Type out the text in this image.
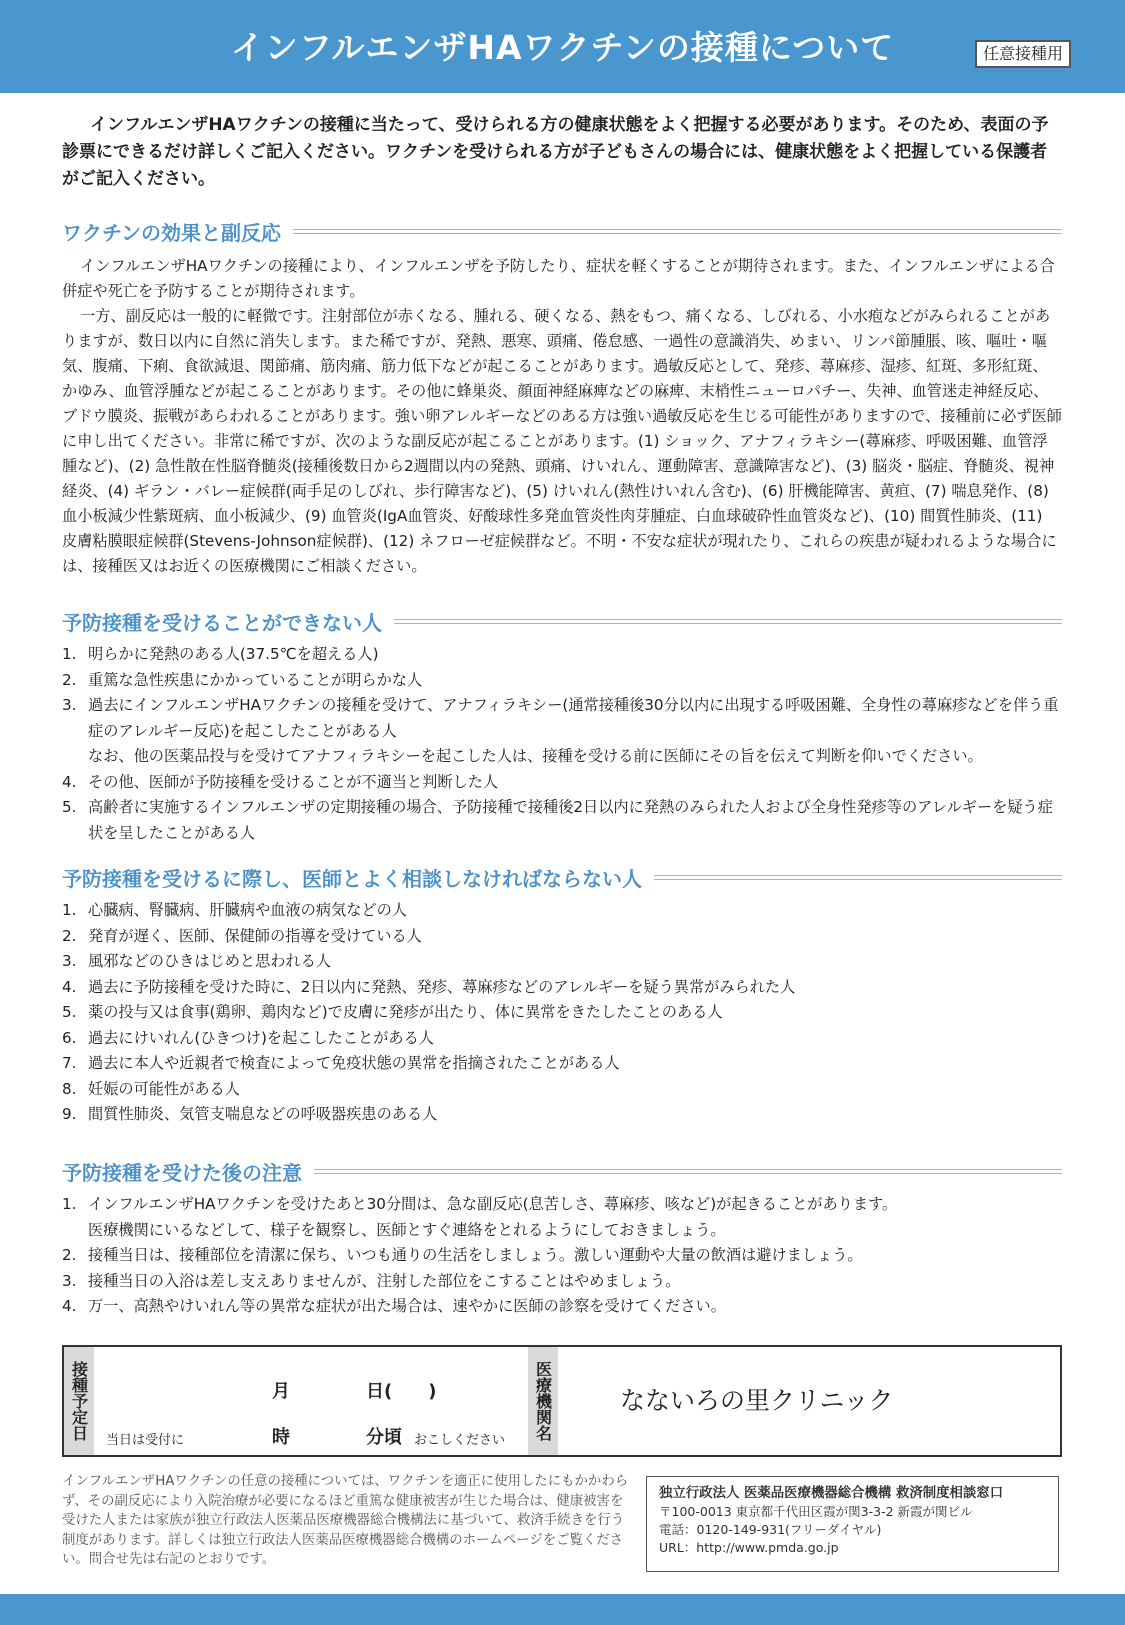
インフルエンザHAワクチンの接種について	任意接種用

インフルエンザHAワクチンの接種に当たって、受けられる方の健康状態をよく把握する必要があります。そのため、表面の予診票にできるだけ詳しくご記入ください。ワクチンを受けられる方が子どもさんの場合には、健康状態をよく把握している保護者がご記入ください。

ワクチンの効果と副反応

インフルエンザHAワクチンの接種により、インフルエンザを予防したり、症状を軽くすることが期待されます。また、インフルエンザによる合併症や死亡を予防することが期待されます。

一方、副反応は一般的に軽微です。注射部位が赤くなる、腫れる、硬くなる、熱をもつ、痛くなる、しびれる、小水疱などがみられることがありますが、数日以内に自然に消失します。また稀ですが、発熱、悪寒、頭痛、倦怠感、一過性の意識消失、めまい、リンパ節腫脹、咳、嘔吐・嘔気、腹痛、下痢、食欲減退、関節痛、筋肉痛、筋力低下などが起こることがあります。過敏反応として、発疹、蕁麻疹、湿疹、紅斑、多形紅斑、かゆみ、血管浮腫などが起こることがあります。その他に蜂巣炎、顔面神経麻痺などの麻痺、末梢性ニューロパチー、失神、血管迷走神経反応、ブドウ膜炎、振戦があらわれることがあります。強い卵アレルギーなどのある方は強い過敏反応を生じる可能性がありますので、接種前に必ず医師に申し出てください。非常に稀ですが、次のような副反応が起こることがあります。(1) ショック、アナフィラキシー(蕁麻疹、呼吸困難、血管浮腫など)、(2) 急性散在性脳脊髄炎(接種後数日から2週間以内の発熱、頭痛、けいれん、運動障害、意識障害など)、(3) 脳炎・脳症、脊髄炎、視神経炎、(4) ギラン・バレー症候群(両手足のしびれ、歩行障害など)、(5) けいれん(熱性けいれん含む)、(6) 肝機能障害、黄疸、(7) 喘息発作、(8) 血小板減少性紫斑病、血小板減少、(9) 血管炎(IgA血管炎、好酸球性多発血管炎性肉芽腫症、白血球破砕性血管炎など)、(10) 間質性肺炎、(11) 皮膚粘膜眼症候群(Stevens-Johnson症候群)、(12) ネフローゼ症候群など。不明・不安な症状が現れたり、これらの疾患が疑われるような場合には、接種医又はお近くの医療機関にご相談ください。

予防接種を受けることができない人
1. 明らかに発熱のある人(37.5℃を超える人)
2. 重篤な急性疾患にかかっていることが明らかな人
3. 過去にインフルエンザHAワクチンの接種を受けて、アナフィラキシー(通常接種後30分以内に出現する呼吸困難、全身性の蕁麻疹などを伴う重症のアレルギー反応)を起こしたことがある人
なお、他の医薬品投与を受けてアナフィラキシーを起こした人は、接種を受ける前に医師にその旨を伝えて判断を仰いでください。
4. その他、医師が予防接種を受けることが不適当と判断した人
5. 高齢者に実施するインフルエンザの定期接種の場合、予防接種で接種後2日以内に発熱のみられた人および全身性発疹等のアレルギーを疑う症状を呈したことがある人
予防接種を受けるに際し、医師とよく相談しなければならない人
1. 心臓病、腎臓病、肝臓病や血液の病気などの人
2. 発育が遅く、医師、保健師の指導を受けている人
3. 風邪などのひきはじめと思われる人
4. 過去に予防接種を受けた時に、2日以内に発熱、発疹、蕁麻疹などのアレルギーを疑う異常がみられた人
5. 薬の投与又は食事(鶏卵、鶏肉など)で皮膚に発疹が出たり、体に異常をきたしたことのある人
6. 過去にけいれん(ひきつけ)を起こしたことがある人
7. 過去に本人や近親者で検査によって免疫状態の異常を指摘されたことがある人
8. 妊娠の可能性がある人
9. 間質性肺炎、気管支喘息などの呼吸器疾患のある人
予防接種を受けた後の注意
1. インフルエンザHAワクチンを受けたあと30分間は、急な副反応(息苦しさ、蕁麻疹、咳など)が起きることがあります。
医療機関にいるなどして、様子を観察し、医師とすぐ連絡をとれるようにしておきましょう。
2. 接種当日は、接種部位を清潔に保ち、いつも通りの生活をしましょう。激しい運動や大量の飲酒は避けましょう。
3. 接種当日の入浴は差し支えありませんが、注射した部位をこすることはやめましょう。
4. 万一、高熱やけいれん等の異常な症状が出た場合は、速やかに医師の診察を受けてください。
接種予定日	月	日(　　)
当日は受付に	時	分頃 おこしください	医療機関名	なないろの里クリニック

インフルエンザHAワクチンの任意の接種については、ワクチンを適正に使用したにもかかわらず、その副反応により入院治療が必要になるほど重篤な健康被害が生じた場合は、健康被害を受けた人または家族が独立行政法人医薬品医療機器総合機構法に基づいて、救済手続きを行う制度があります。詳しくは独立行政法人医薬品医療機器総合機構のホームページをご覧ください。問合せ先は右記のとおりです。

独立行政法人 医薬品医療機器総合機構 救済制度相談窓口
〒100-0013 東京都千代田区霞が関3-3-2 新霞が関ビル
電話：0120-149-931(フリーダイヤル)
URL：http://www.pmda.go.jp
